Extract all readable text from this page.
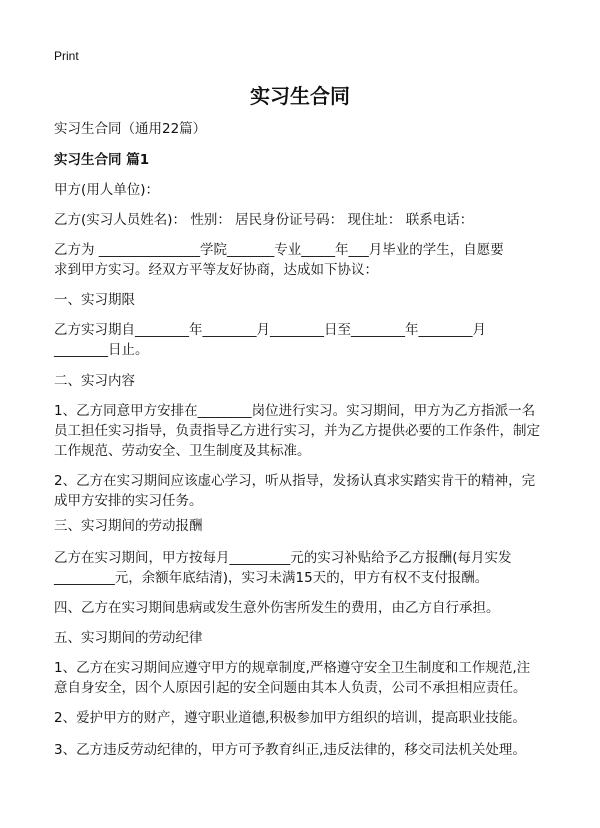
Print
实习生合同
实习生合同（通用22篇）
实习生合同 篇1
甲方(用人单位)：
乙方(实习人员姓名)： 性别： 居民身份证号码： 现住址： 联系电话：
乙方为 _______________学院_______专业_____年___月毕业的学生，自愿要
求到甲方实习。经双方平等友好协商，达成如下协议：
一、实习期限
乙方实习期自________年________月________日至________年________月
________日止。
二、实习内容
1、乙方同意甲方安排在________岗位进行实习。实习期间，甲方为乙方指派一名
员工担任实习指导，负责指导乙方进行实习，并为乙方提供必要的工作条件，制定
工作规范、劳动安全、卫生制度及其标准。
2、乙方在实习期间应该虚心学习，听从指导，发扬认真求实踏实肯干的精神，完
成甲方安排的实习任务。
三、实习期间的劳动报酬
乙方在实习期间，甲方按每月_________元的实习补贴给予乙方报酬(每月实发
_________元，余额年底结清)，实习未满15天的，甲方有权不支付报酬。
四、乙方在实习期间患病或发生意外伤害所发生的费用，由乙方自行承担。
五、实习期间的劳动纪律
1、乙方在实习期间应遵守甲方的规章制度,严格遵守安全卫生制度和工作规范,注
意自身安全，因个人原因引起的安全问题由其本人负责，公司不承担相应责任。
2、爱护甲方的财产，遵守职业道德,积极参加甲方组织的培训，提高职业技能。
3、乙方违反劳动纪律的，甲方可予教育纠正,违反法律的，移交司法机关处理。
